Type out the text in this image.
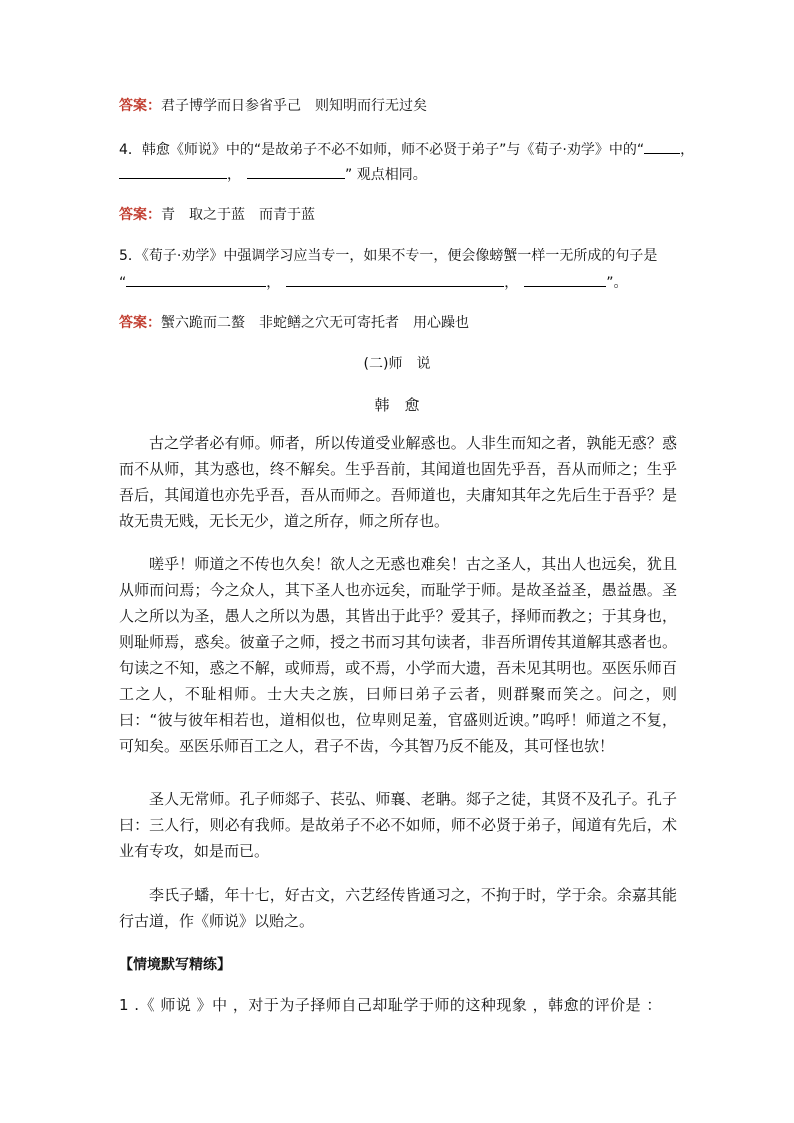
答案：君子博学而日参省乎己　则知明而行无过矣
4．韩愈《师说》中的“是故弟子不必不如师，师不必贤于弟子”与《荀子·劝学》中的“	，
，	” 观点相同。
答案：青　取之于蓝　而青于蓝
5．《荀子·劝学》中强调学习应当专一，如果不专一，便会像螃蟹一样一无所成的句子是
“	，	，	”。
答案：蟹六跪而二螯　非蛇鳝之穴无可寄托者　用心躁也
(二)师　说
韩　愈
古之学者必有师。师者，所以传道受业解惑也。人非生而知之者，孰能无惑？惑而不从师，其为惑也，终不解矣。生乎吾前，其闻道也固先乎吾，吾从而师之；生乎吾后，其闻道也亦先乎吾，吾从而师之。吾师道也，夫庸知其年之先后生于吾乎？是故无贵无贱，无长无少，道之所存，师之所存也。
嗟乎！师道之不传也久矣！欲人之无惑也难矣！古之圣人，其出人也远矣，犹且从师而问焉；今之众人，其下圣人也亦远矣，而耻学于师。是故圣益圣，愚益愚。圣人之所以为圣，愚人之所以为愚，其皆出于此乎？爱其子，择师而教之；于其身也，则耻师焉，惑矣。彼童子之师，授之书而习其句读者，非吾所谓传其道解其惑者也。句读之不知，惑之不解，或师焉，或不焉，小学而大遗，吾未见其明也。巫医乐师百工之人，不耻相师。士大夫之族，曰师曰弟子云者，则群聚而笑之。问之，则曰：“彼与彼年相若也，道相似也，位卑则足羞，官盛则近谀。”呜呼！师道之不复，可知矣。巫医乐师百工之人，君子不齿，今其智乃反不能及，其可怪也欤！
圣人无常师。孔子师郯子、苌弘、师襄、老聃。郯子之徒，其贤不及孔子。孔子曰：三人行，则必有我师。是故弟子不必不如师，师不必贤于弟子，闻道有先后，术业有专攻，如是而已。
李氏子蟠，年十七，好古文，六艺经传皆通习之，不拘于时，学于余。余嘉其能行古道，作《师说》以贻之。
【情境默写精练】
1 .《 师说 》中 ，对于为子择师自己却耻学于师的这种现象 ，韩愈的评价是 ：
